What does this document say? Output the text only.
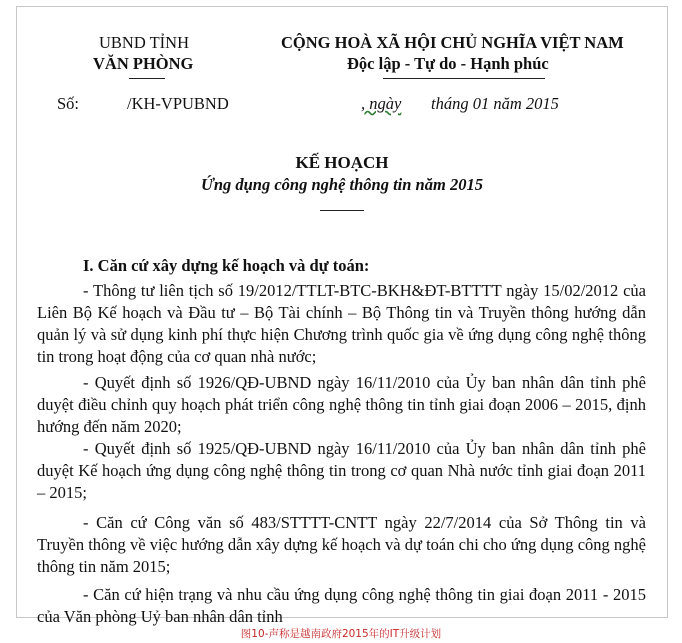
UBND TỈNH
VĂN PHÒNG
CỘNG HOÀ XÃ HỘI CHỦ NGHĨA VIỆT NAM
Độc lập - Tự do - Hạnh phúc
Số:	/KH-VPUBND	, ngày tháng 01 năm 2015
KẾ HOẠCH
Ứng dụng công nghệ thông tin năm 2015
I. Căn cứ xây dựng kế hoạch và dự toán:
- Thông tư liên tịch số 19/2012/TTLT-BTC-BKH&ĐT-BTTTT ngày 15/02/2012 của Liên Bộ Kế hoạch và Đầu tư – Bộ Tài chính – Bộ Thông tin và Truyền thông hướng dẫn quản lý và sử dụng kinh phí thực hiện Chương trình quốc gia về ứng dụng công nghệ thông tin trong hoạt động của cơ quan nhà nước;
- Quyết định số 1926/QĐ-UBND ngày 16/11/2010 của Ủy ban nhân dân tỉnh phê duyệt điều chỉnh quy hoạch phát triển công nghệ thông tin tỉnh giai đoạn 2006 – 2015, định hướng đến năm 2020;
- Quyết định số 1925/QĐ-UBND ngày 16/11/2010 của Ủy ban nhân dân tỉnh phê duyệt Kế hoạch ứng dụng công nghệ thông tin trong cơ quan Nhà nước tỉnh giai đoạn 2011 – 2015;
- Căn cứ Công văn số 483/STTTT-CNTT ngày 22/7/2014 của Sở Thông tin và Truyền thông về việc hướng dẫn xây dựng kế hoạch và dự toán chi cho ứng dụng công nghệ thông tin năm 2015;
- Căn cứ hiện trạng và nhu cầu ứng dụng công nghệ thông tin giai đoạn 2011 - 2015 của Văn phòng Uỷ ban nhân dân tỉnh
图10-声称是越南政府2015年的IT升级计划
